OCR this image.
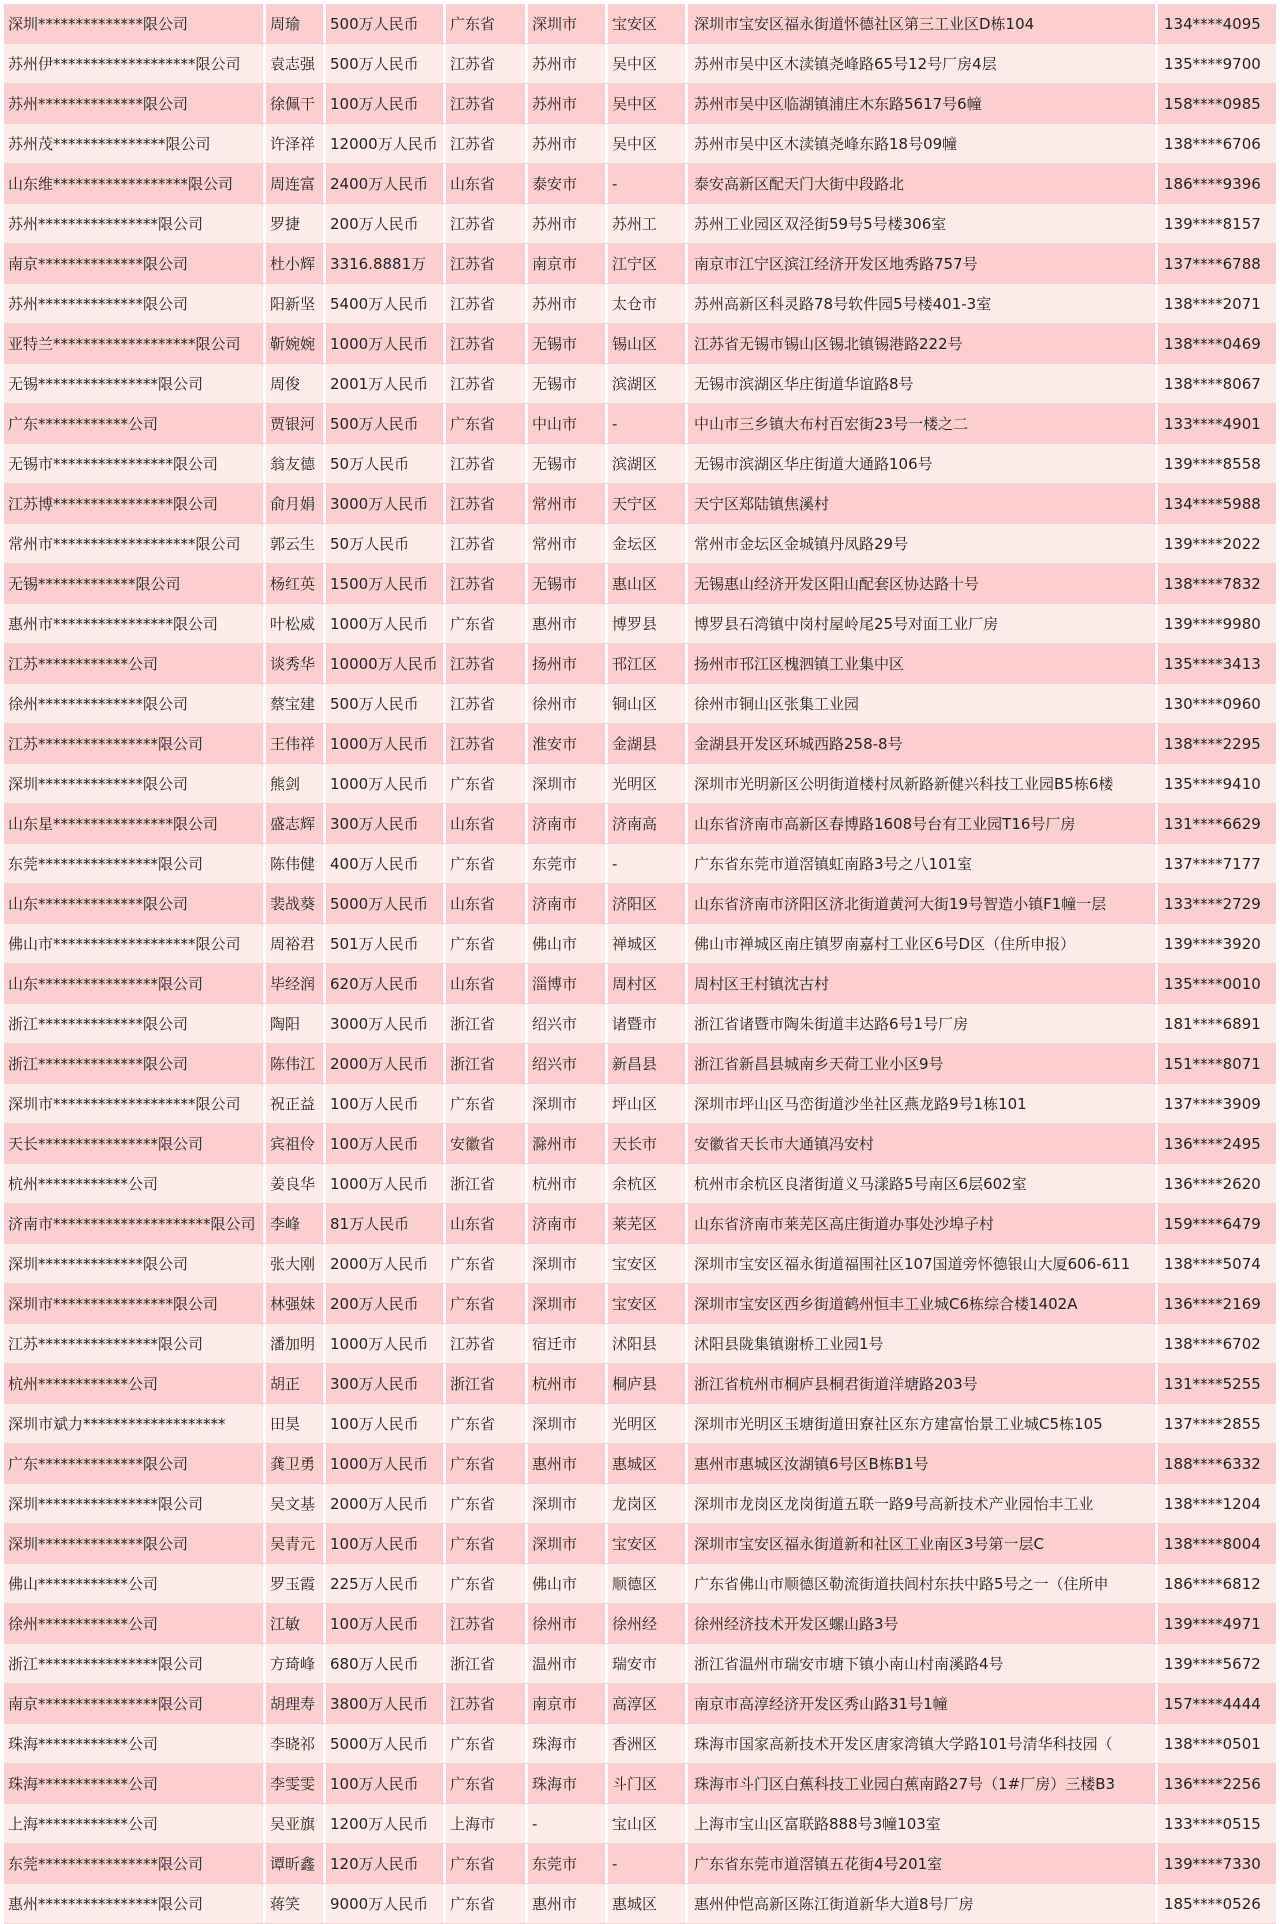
深圳**************限公司	周瑜	500万人民币	广东省	深圳市	宝安区	深圳市宝安区福永街道怀德社区第三工业区D栋104	134****4095
苏州伊*******************限公司	袁志强 500万人民币	江苏省	苏州市	吴中区	苏州市吴中区木渎镇尧峰路65号12号厂房4层	135****9700
苏州**************限公司	徐佩干 100万人民币	江苏省	苏州市	吴中区	苏州市吴中区临湖镇浦庄木东路5617号6幢	158****0985
苏州茂***************限公司	许泽祥 12000万人民币 江苏省	苏州市	吴中区	苏州市吴中区木渎镇尧峰东路18号09幢	138****6706
山东维******************限公司	周连富 2400万人民币	山东省	泰安市	-	泰安高新区配天门大街中段路北	186****9396
苏州****************限公司	罗捷	200万人民币	江苏省	苏州市	苏州工	苏州工业园区双泾街59号5号楼306室	139****8157
南京**************限公司	杜小辉 3316.8881万	江苏省	南京市	江宁区	南京市江宁区滨江经济开发区地秀路757号	137****6788
苏州**************限公司	阳新坚 5400万人民币	江苏省	苏州市	太仓市	苏州高新区科灵路78号软件园5号楼401-3室	138****2071
亚特兰*******************限公司	靳婉婉 1000万人民币	江苏省	无锡市	锡山区	江苏省无锡市锡山区锡北镇锡港路222号	138****0469
无锡****************限公司	周俊	2001万人民币	江苏省	无锡市	滨湖区	无锡市滨湖区华庄街道华谊路8号	138****8067
广东************公司	贾银河 500万人民币	广东省	中山市	-	中山市三乡镇大布村百宏街23号一楼之二	133****4901
无锡市****************限公司	翁友德 50万人民币	江苏省	无锡市	滨湖区	无锡市滨湖区华庄街道大通路106号	139****8558
江苏博****************限公司	俞月娟 3000万人民币	江苏省	常州市	天宁区	天宁区郑陆镇焦溪村	134****5988
常州市*******************限公司	郭云生 50万人民币	江苏省	常州市	金坛区	常州市金坛区金城镇丹凤路29号	139****2022
无锡*************限公司	杨红英 1500万人民币	江苏省	无锡市	惠山区	无锡惠山经济开发区阳山配套区协达路十号	138****7832
惠州市****************限公司	叶松威 1000万人民币	广东省	惠州市	博罗县	博罗县石湾镇中岗村屋岭尾25号对面工业厂房	139****9980
江苏************公司	谈秀华 10000万人民币 江苏省	扬州市	邗江区	扬州市邗江区槐泗镇工业集中区	135****3413
徐州**************限公司	蔡宝建 500万人民币	江苏省	徐州市	铜山区	徐州市铜山区张集工业园	130****0960
江苏****************限公司	王伟祥 1000万人民币	江苏省	淮安市	金湖县	金湖县开发区环城西路258-8号	138****2295
深圳**************限公司	熊剑	1000万人民币	广东省	深圳市	光明区	深圳市光明新区公明街道楼村凤新路新健兴科技工业园B5栋6楼	135****9410
山东星****************限公司	盛志辉 300万人民币	山东省	济南市	济南高	山东省济南市高新区春博路1608号台有工业园T16号厂房	131****6629
东莞****************限公司	陈伟健 400万人民币	广东省	东莞市	-	广东省东莞市道滘镇虹南路3号之八101室	137****7177
山东**************限公司	裴战葵 5000万人民币	山东省	济南市	济阳区	山东省济南市济阳区济北街道黄河大街19号智造小镇F1幢一层	133****2729
佛山市*******************限公司	周裕君 501万人民币	广东省	佛山市	禅城区	佛山市禅城区南庄镇罗南嘉村工业区6号D区（住所申报）	139****3920
山东****************限公司	毕经润 620万人民币	山东省	淄博市	周村区	周村区王村镇沈古村	135****0010
浙江**************限公司	陶阳	3000万人民币	浙江省	绍兴市	诸暨市	浙江省诸暨市陶朱街道丰达路6号1号厂房	181****6891
浙江**************限公司	陈伟江 2000万人民币	浙江省	绍兴市	新昌县	浙江省新昌县城南乡天荷工业小区9号	151****8071
深圳市*******************限公司	祝正益 100万人民币	广东省	深圳市	坪山区	深圳市坪山区马峦街道沙坐社区燕龙路9号1栋101	137****3909
天长****************限公司	宾祖伶 100万人民币	安徽省	滁州市	天长市	安徽省天长市大通镇冯安村	136****2495
杭州************公司	姜良华 1000万人民币	浙江省	杭州市	余杭区	杭州市余杭区良渚街道义马漾路5号南区6层602室	136****2620
济南市*********************限公司 李峰	81万人民币	山东省	济南市	莱芜区	山东省济南市莱芜区高庄街道办事处沙埠子村	159****6479
深圳**************限公司	张大刚 2000万人民币	广东省	深圳市	宝安区	深圳市宝安区福永街道福围社区107国道旁怀德银山大厦606-611	138****5074
深圳市****************限公司	林强妹 200万人民币	广东省	深圳市	宝安区	深圳市宝安区西乡街道鹤州恒丰工业城C6栋综合楼1402A	136****2169
江苏****************限公司	潘加明 1000万人民币	江苏省	宿迁市	沭阳县	沭阳县陇集镇谢桥工业园1号	138****6702
杭州************公司	胡正	300万人民币	浙江省	杭州市	桐庐县	浙江省杭州市桐庐县桐君街道洋塘路203号	131****5255
深圳市斌力*******************	田昊	100万人民币	广东省	深圳市	光明区	深圳市光明区玉塘街道田寮社区东方建富怡景工业城C5栋105	137****2855
广东**************限公司	龚卫勇 1000万人民币	广东省	惠州市	惠城区	惠州市惠城区汝湖镇6号区B栋B1号	188****6332
深圳****************限公司	吴文基 2000万人民币	广东省	深圳市	龙岗区	深圳市龙岗区龙岗街道五联一路9号高新技术产业园怡丰工业	138****1204
深圳**************限公司	吴青元 100万人民币	广东省	深圳市	宝安区	深圳市宝安区福永街道新和社区工业南区3号第一层C	138****8004
佛山************公司	罗玉霞 225万人民币	广东省	佛山市	顺德区	广东省佛山市顺德区勒流街道扶闾村东扶中路5号之一（住所申	186****6812
徐州************公司	江敏	100万人民币	江苏省	徐州市	徐州经	徐州经济技术开发区螺山路3号	139****4971
浙江****************限公司	方琦峰 680万人民币	浙江省	温州市	瑞安市	浙江省温州市瑞安市塘下镇小南山村南溪路4号	139****5672
南京****************限公司	胡理寿 3800万人民币	江苏省	南京市	高淳区	南京市高淳经济开发区秀山路31号1幢	157****4444
珠海************公司	李晓祁 5000万人民币	广东省	珠海市	香洲区	珠海市国家高新技术开发区唐家湾镇大学路101号清华科技园（	138****0501
珠海************公司	李雯雯 100万人民币	广东省	珠海市	斗门区	珠海市斗门区白蕉科技工业园白蕉南路27号（1#厂房）三楼B3	136****2256
上海************公司	吴亚旗 1200万人民币	上海市	-	宝山区	上海市宝山区富联路888号3幢103室	133****0515
东莞****************限公司	谭昕鑫 120万人民币	广东省	东莞市	-	广东省东莞市道滘镇五花街4号201室	139****7330
惠州****************限公司	蒋笑	9000万人民币	广东省	惠州市	惠城区	惠州仲恺高新区陈江街道新华大道8号厂房	185****0526
